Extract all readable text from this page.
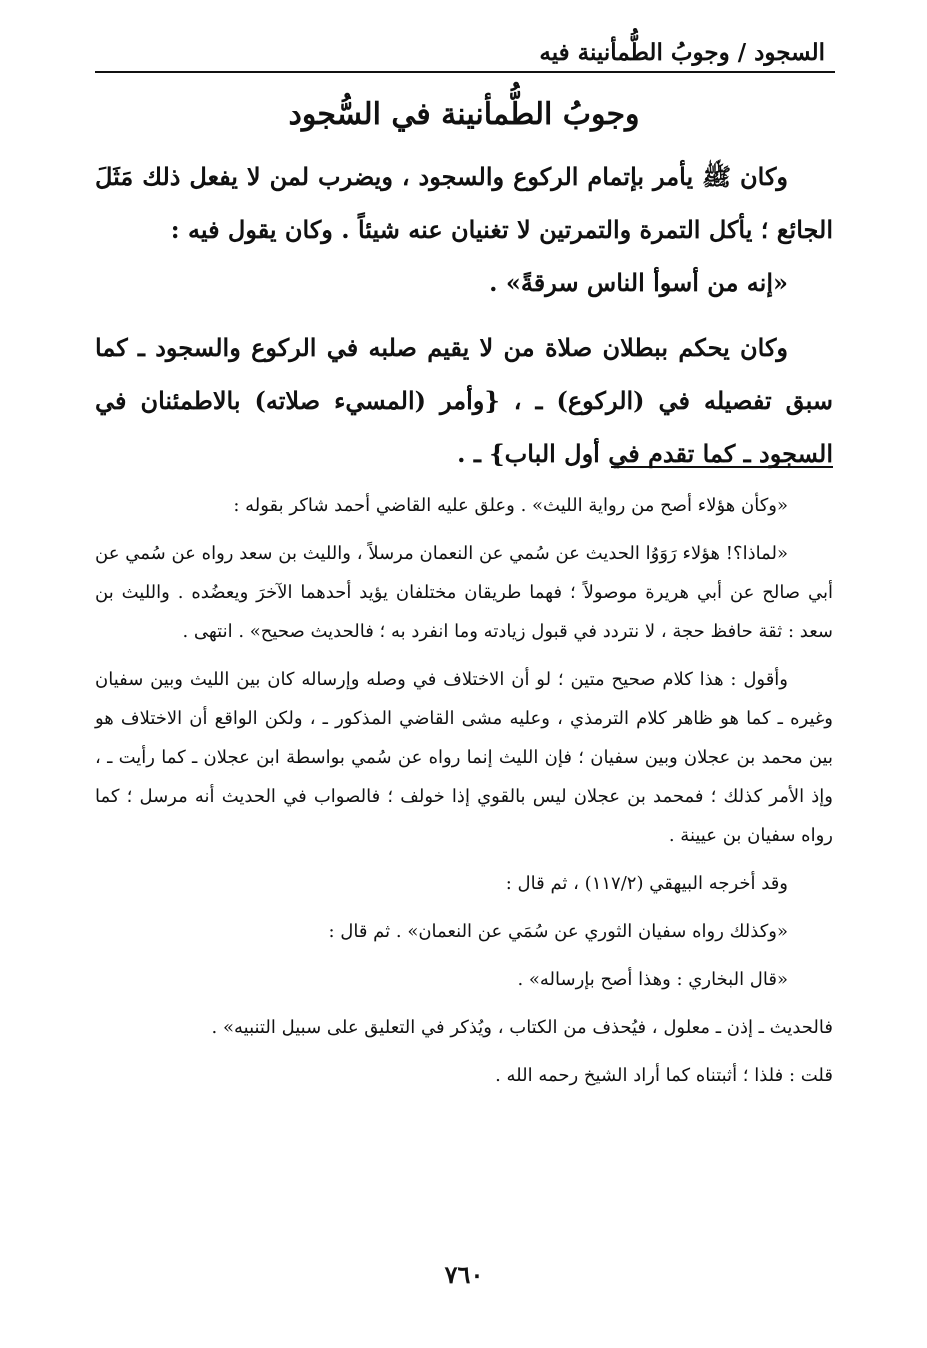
السجود / وجوبُ الطُّمأنينة فيه
وجوبُ الطُّمأنينة في السُّجود

وكان ﷺ يأمر بإتمام الركوع والسجود ، ويضرب لمن لا يفعل ذلك مَثَلَ الجائع ؛ يأكل التمرة والتمرتين لا تغنيان عنه شيئاً . وكان يقول فيه :

«إنه من أسوأ الناس سرقةً» .

وكان يحكم ببطلان صلاة من لا يقيم صلبه في الركوع والسجود ـ كما سبق تفصيله في (الركوع) ـ ، {وأمر (المسيء صلاته) بالاطمئنان في السجود ـ كما تقدم في أول الباب} ـ .

«وكأن هؤلاء أصح من رواية الليث» . وعلق عليه القاضي أحمد شاكر بقوله :

«لماذا؟! هؤلاء رَوَوُا الحديث عن سُمي عن النعمان مرسلاً ، والليث بن سعد رواه عن سُمي عن أبي صالح عن أبي هريرة موصولاً ؛ فهما طريقان مختلفان يؤيد أحدهما الآخرَ ويعضُده . والليث بن سعد : ثقة حافظ حجة ، لا نتردد في قبول زيادته وما انفرد به ؛ فالحديث صحيح» . انتهى .

وأقول : هذا كلام صحيح متين ؛ لو أن الاختلاف في وصله وإرساله كان بين الليث وبين سفيان وغيره ـ كما هو ظاهر كلام الترمذي ، وعليه مشى القاضي المذكور ـ ، ولكن الواقع أن الاختلاف هو بين محمد بن عجلان وبين سفيان ؛ فإن الليث إنما رواه عن سُمي بواسطة ابن عجلان ـ كما رأيت ـ ، وإذ الأمر كذلك ؛ فمحمد بن عجلان ليس بالقوي إذا خولف ؛ فالصواب في الحديث أنه مرسل ؛ كما رواه سفيان بن عيينة .

وقد أخرجه البيهقي (١١٧/٢) ، ثم قال :

«وكذلك رواه سفيان الثوري عن سُمَي عن النعمان» . ثم قال :

«قال البخاري : وهذا أصح بإرساله» .

فالحديث ـ إذن ـ معلول ، فيُحذف من الكتاب ، ويُذكر في التعليق على سبيل التنبيه» .

قلت : فلذا ؛ أثبتناه كما أراد الشيخ رحمه الله .

٧٦٠
